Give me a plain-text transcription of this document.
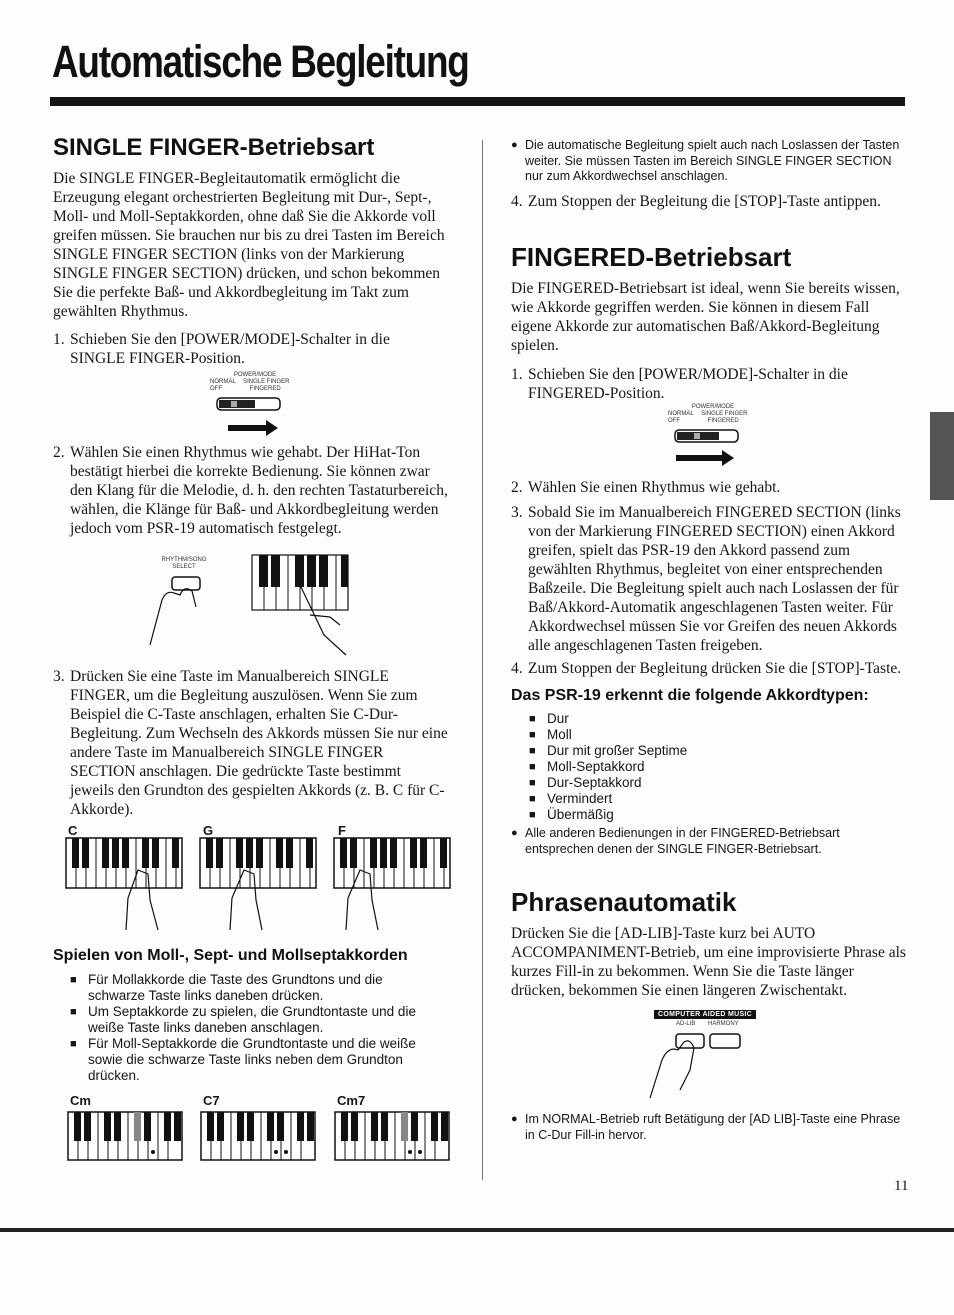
Automatische Begleitung
SINGLE FINGER-Betriebsart

Die SINGLE FINGER-Begleitautomatik ermöglicht die Erzeugung elegant orchestrierten Begleitung mit Dur-, Sept-, Moll- und Moll-Septakkorden, ohne daß Sie die Akkorde voll greifen müssen. Sie brauchen nur bis zu drei Tasten im Bereich SINGLE FINGER SECTION (links von der Markierung SINGLE FINGER SECTION) drücken, und schon bekommen Sie die perfekte Baß- und Akkordbegleitung im Takt zum gewählten Rhythmus.

1. Schieben Sie den [POWER/MODE]-Schalter in die SINGLE FINGER-Position.
POWER/MODE
NORMAL SINGLE FINGER
OFF	FINGERED
2. Wählen Sie einen Rhythmus wie gehabt. Der HiHat-Ton bestätigt hierbei die korrekte Bedienung. Sie können zwar den Klang für die Melodie, d. h. den rechten Tastaturbereich, wählen, die Klänge für Baß- und Akkordbegleitung werden jedoch vom PSR-19 automatisch festgelegt.
RHYTHM/SONG SELECT
3. Drücken Sie eine Taste im Manualbereich SINGLE FINGER, um die Begleitung auszulösen. Wenn Sie zum Beispiel die C-Taste anschlagen, erhalten Sie C-Dur-Begleitung. Zum Wechseln des Akkords müssen Sie nur eine andere Taste im Manualbereich SINGLE FINGER SECTION anschlagen. Die gedrückte Taste bestimmt jeweils den Grundton des gespielten Akkords (z. B. C für C-Akkorde).
C	G	F
Spielen von Moll-, Sept- und Mollseptakkorden
■ Für Mollakkorde die Taste des Grundtons und die schwarze Taste links daneben drücken.
■ Um Septakkorde zu spielen, die Grundtontaste und die weiße Taste links daneben anschlagen.
■ Für Moll-Septakkorde die Grundtontaste und die weiße sowie die schwarze Taste links neben dem Grundton drücken.
Cm	C7	Cm7
● Die automatische Begleitung spielt auch nach Loslassen der Tasten weiter. Sie müssen Tasten im Bereich SINGLE FINGER SECTION nur zum Akkordwechsel anschlagen.
4. Zum Stoppen der Begleitung die [STOP]-Taste antippen.
FINGERED-Betriebsart

Die FINGERED-Betriebsart ist ideal, wenn Sie bereits wissen, wie Akkorde gegriffen werden. Sie können in diesem Fall eigene Akkorde zur automatischen Baß/Akkord-Begleitung spielen.

1. Schieben Sie den [POWER/MODE]-Schalter in die FINGERED-Position.
POWER/MODE
NORMAL SINGLE FINGER
OFF	FINGERED
2. Wählen Sie einen Rhythmus wie gehabt.
3. Sobald Sie im Manualbereich FINGERED SECTION (links von der Markierung FINGERED SECTION) einen Akkord greifen, spielt das PSR-19 den Akkord passend zum gewählten Rhythmus, begleitet von einer entsprechenden Baßzeile. Die Begleitung spielt auch nach Loslassen der für Baß/Akkord-Automatik angeschlagenen Tasten weiter. Für Akkordwechsel müssen Sie vor Greifen des neuen Akkords alle angeschlagenen Tasten freigeben.
4. Zum Stoppen der Begleitung drücken Sie die [STOP]-Taste.
Das PSR-19 erkennt die folgende Akkordtypen:
■ Dur
■ Moll
■ Dur mit großer Septime
■ Moll-Septakkord
■ Dur-Septakkord
■ Vermindert
■ Übermäßig
● Alle anderen Bedienungen in der FINGERED-Betriebsart entsprechen denen der SINGLE FINGER-Betriebsart.
Phrasenautomatik

Drücken Sie die [AD-LIB]-Taste kurz bei AUTO ACCOMPANIMENT-Betrieb, um eine improvisierte Phrase als kurzes Fill-in zu bekommen. Wenn Sie die Taste länger drücken, bekommen Sie einen längeren Zwischentakt.

COMPUTER AIDED MUSIC
AD-LIB HARMONY
● Im NORMAL-Betrieb ruft Betätigung der [AD LIB]-Taste eine Phrase in C-Dur Fill-in hervor.
11
